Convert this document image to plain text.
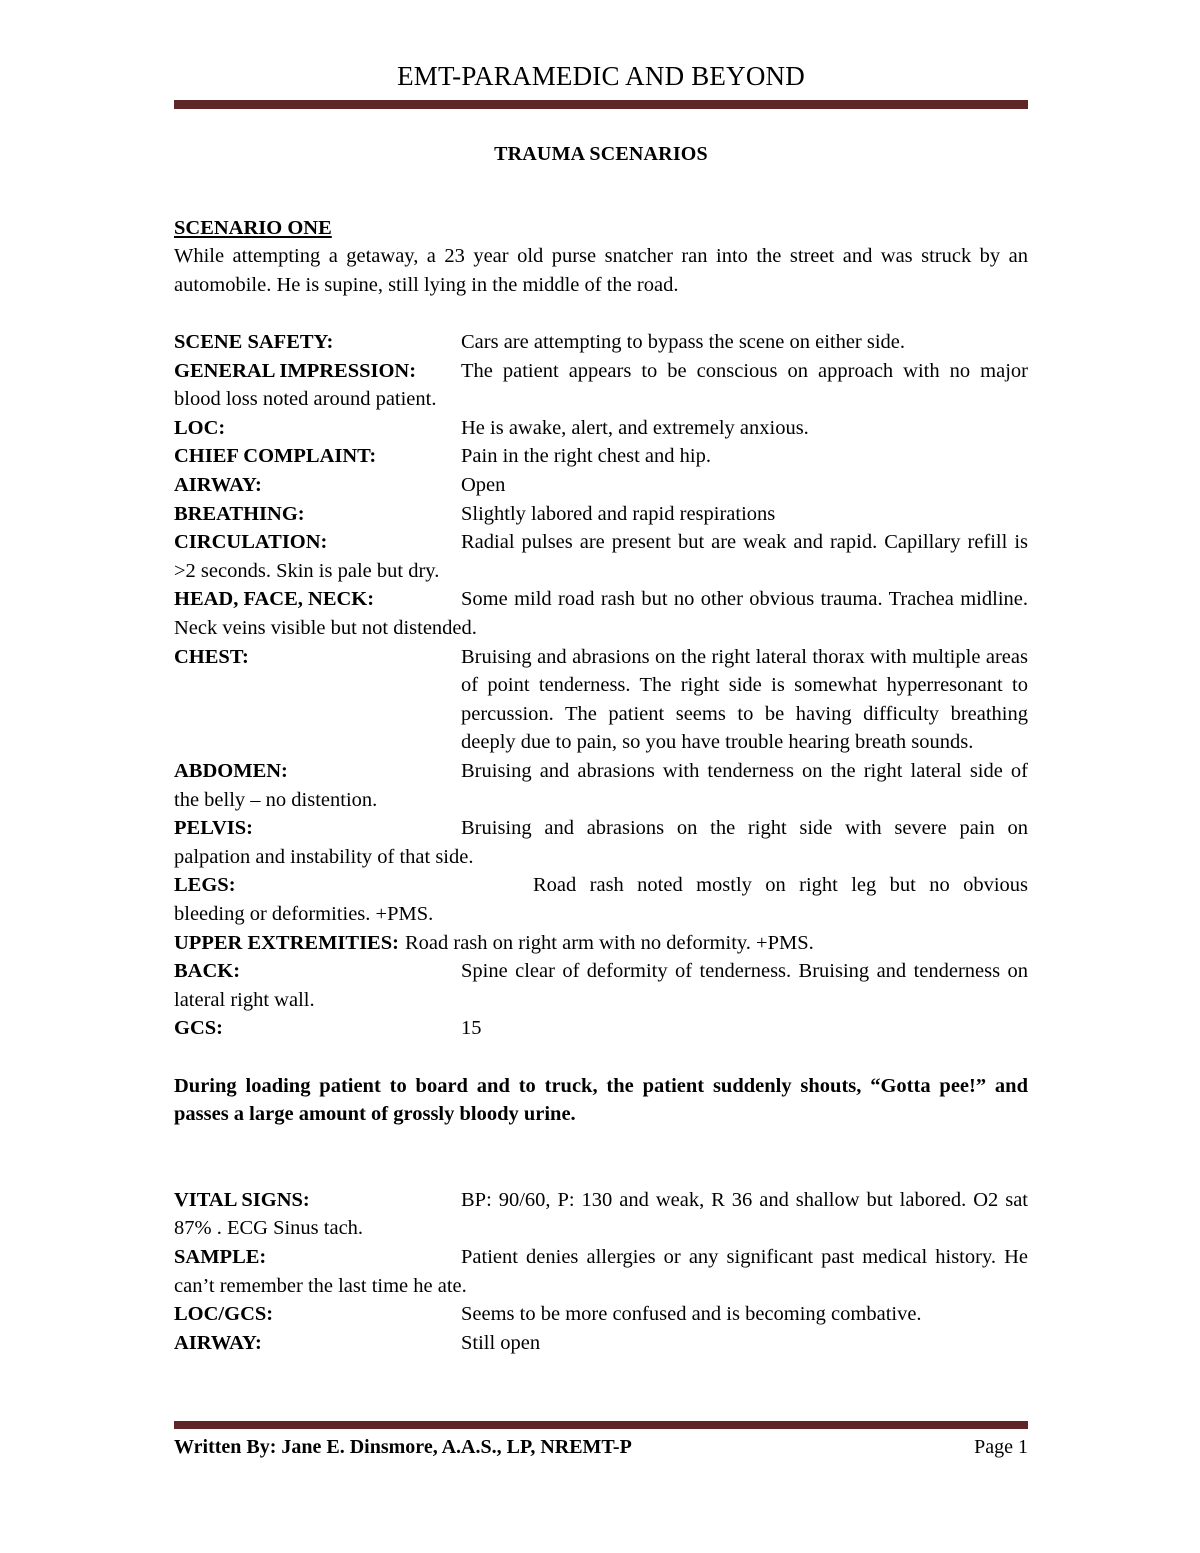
EMT-PARAMEDIC AND BEYOND
TRAUMA SCENARIOS
SCENARIO ONE

While attempting a getaway, a 23 year old purse snatcher ran into the street and was struck by an automobile. He is supine, still lying in the middle of the road.

SCENE SAFETY:	Cars are attempting to bypass the scene on either side.

GENERAL IMPRESSION: The patient appears to be conscious on approach with no major blood loss noted around patient.

LOC:	He is awake, alert, and extremely anxious.

CHIEF COMPLAINT:	Pain in the right chest and hip.

AIRWAY:	Open

BREATHING:	Slightly labored and rapid respirations

CIRCULATION:	Radial pulses are present but are weak and rapid. Capillary refill is >2 seconds. Skin is pale but dry.

HEAD, FACE, NECK:	Some mild road rash but no other obvious trauma. Trachea midline. Neck veins visible but not distended.

CHEST:	Bruising and abrasions on the right lateral thorax with multiple areas of point tenderness. The right side is somewhat hyperresonant to percussion. The patient seems to be having difficulty breathing deeply due to pain, so you have trouble hearing breath sounds.

ABDOMEN:	Bruising and abrasions with tenderness on the right lateral side of the belly – no distention.

PELVIS:	Bruising and abrasions on the right side with severe pain on palpation and instability of that side.

LEGS:	Road rash noted mostly on right leg but no obvious bleeding or deformities. +PMS.

UPPER EXTREMITIES: Road rash on right arm with no deformity. +PMS.

BACK:	Spine clear of deformity of tenderness. Bruising and tenderness on lateral right wall.

GCS:	15

During loading patient to board and to truck, the patient suddenly shouts, “Gotta pee!” and passes a large amount of grossly bloody urine.

VITAL SIGNS:	BP: 90/60, P: 130 and weak, R 36 and shallow but labored. O2 sat 87% . ECG Sinus tach.

SAMPLE:	Patient denies allergies or any significant past medical history. He can’t remember the last time he ate.

LOC/GCS:	Seems to be more confused and is becoming combative.

AIRWAY:	Still open

Written By: Jane E. Dinsmore, A.A.S., LP, NREMT-P	Page 1
